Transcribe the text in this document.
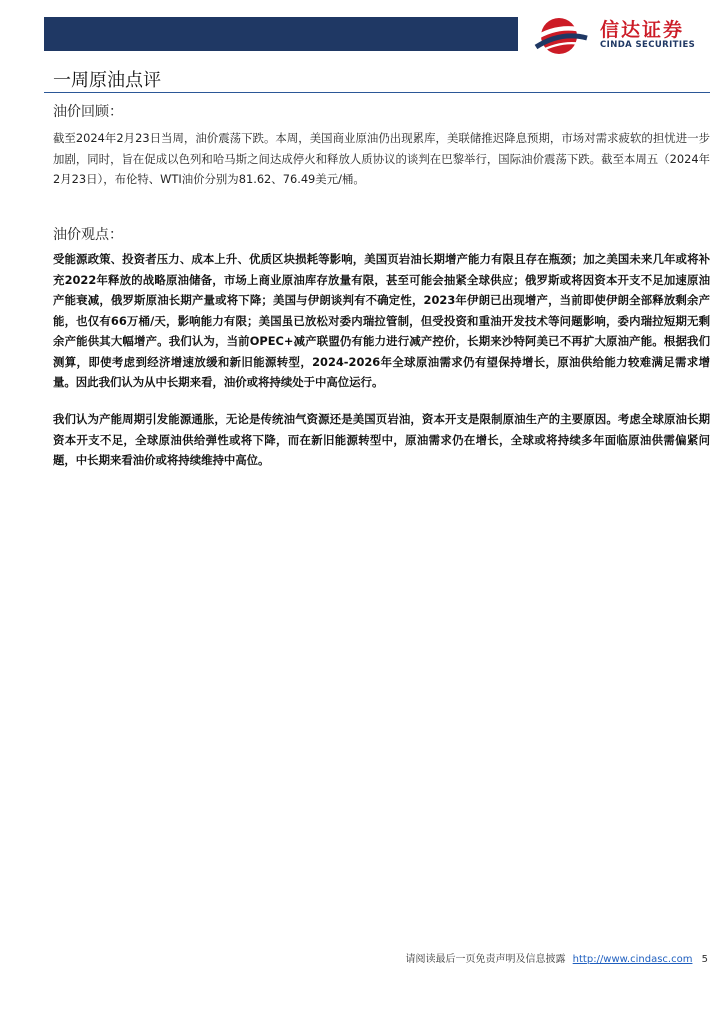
信达证券
CINDA SECURITIES
一周原油点评
油价回顾：

截至2024年2月23日当周，油价震荡下跌。本周，美国商业原油仍出现累库，美联储推迟降息预期，市场对需求疲软的担忧进一步加剧，同时，旨在促成以色列和哈马斯之间达成停火和释放人质协议的谈判在巴黎举行，国际油价震荡下跌。截至本周五（2024年2月23日），布伦特、WTI油价分别为81.62、76.49美元/桶。

油价观点：

受能源政策、投资者压力、成本上升、优质区块损耗等影响，美国页岩油长期增产能力有限且存在瓶颈；加之美国未来几年或将补充2022年释放的战略原油储备，市场上商业原油库存放量有限，甚至可能会抽紧全球供应；俄罗斯或将因资本开支不足加速原油产能衰减，俄罗斯原油长期产量或将下降；美国与伊朗谈判有不确定性，2023年伊朗已出现增产，当前即使伊朗全部释放剩余产能，也仅有66万桶/天，影响能力有限；美国虽已放松对委内瑞拉管制，但受投资和重油开发技术等问题影响，委内瑞拉短期无剩余产能供其大幅增产。我们认为，当前OPEC+减产联盟仍有能力进行减产控价，长期来沙特阿美已不再扩大原油产能。根据我们测算，即使考虑到经济增速放缓和新旧能源转型，2024-2026年全球原油需求仍有望保持增长，原油供给能力较难满足需求增量。因此我们认为从中长期来看，油价或将持续处于中高位运行。

我们认为产能周期引发能源通胀，无论是传统油气资源还是美国页岩油，资本开支是限制原油生产的主要原因。考虑全球原油长期资本开支不足，全球原油供给弹性或将下降，而在新旧能源转型中，原油需求仍在增长，全球或将持续多年面临原油供需偏紧问题，中长期来看油价或将持续维持中高位。

请阅读最后一页免责声明及信息披露 http://www.cindasc.com 5
